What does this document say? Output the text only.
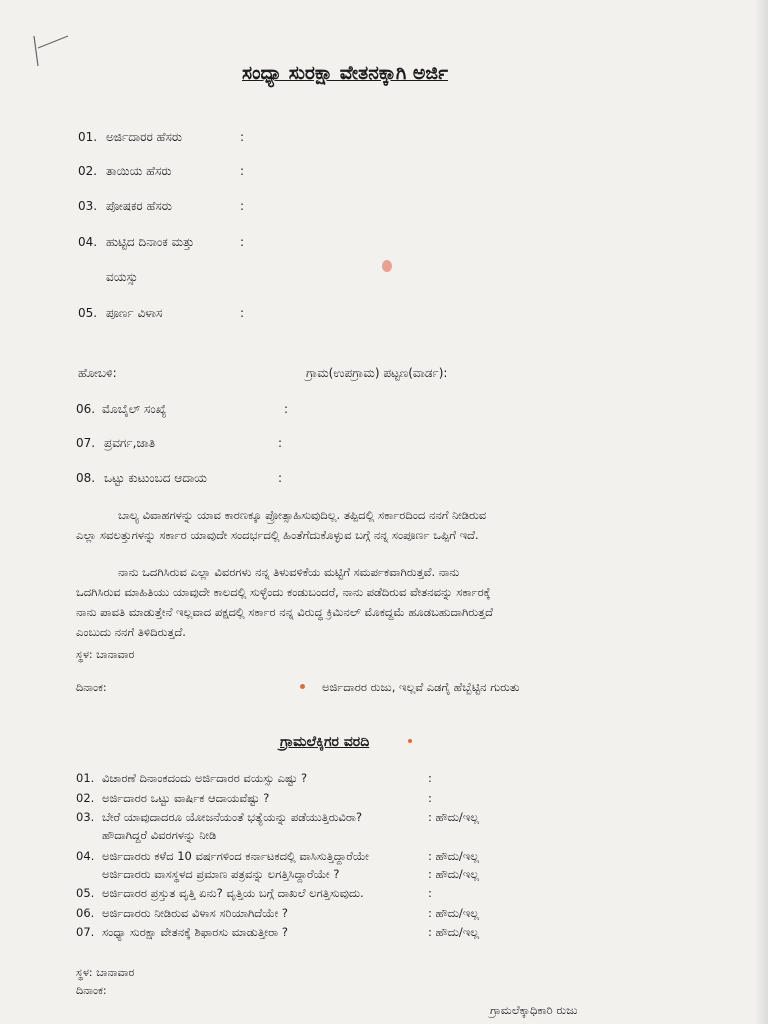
ಸಂಧ್ಯಾ ಸುರಕ್ಷಾ ವೇತನಕ್ಕಾಗಿ ಅರ್ಜಿ
01. ಅರ್ಜಿದಾರರ ಹೆಸರು	:
02. ತಾಯಿಯ ಹೆಸರು	:
03. ಪೋಷಕರ ಹೆಸರು	:
04. ಹುಟ್ಟಿದ ದಿನಾಂಕ ಮತ್ತು	:
ವಯಸ್ಸು
05. ಪೂರ್ಣ ವಿಳಾಸ	:
ಹೋಬಳಿ:	ಗ್ರಾಮ(ಉಪಗ್ರಾಮ) ಪಟ್ಟಣ(ವಾರ್ಡ):
06. ಮೊಬೈಲ್ ಸಂಖ್ಯೆ	:
07. ಪ್ರವರ್ಗ,ಜಾತಿ	:
08. ಒಟ್ಟು ಕುಟುಂಬದ ಆದಾಯ	:
ಬಾಲ್ಯ ವಿವಾಹಗಳನ್ನು ಯಾವ ಕಾರಣಕ್ಕೂ ಪ್ರೋತ್ಸಾಹಿಸುವುದಿಲ್ಲ. ತಪ್ಪಿದಲ್ಲಿ ಸರ್ಕಾರದಿಂದ ನನಗೆ ನೀಡಿರುವ
ಎಲ್ಲಾ ಸವಲತ್ತುಗಳನ್ನು ಸರ್ಕಾರ ಯಾವುದೇ ಸಂದರ್ಭದಲ್ಲಿ ಹಿಂತೆಗೆದುಕೊಳ್ಳುವ ಬಗ್ಗೆ ನನ್ನ ಸಂಪೂರ್ಣ ಒಪ್ಪಿಗೆ ಇದೆ.
ನಾನು ಒದಗಿಸಿರುವ ಎಲ್ಲಾ ವಿವರಗಳು ನನ್ನ ತಿಳುವಳಿಕೆಯ ಮಟ್ಟಿಗೆ ಸಮರ್ಪಕವಾಗಿರುತ್ತವೆ. ನಾನು
ಒದಗಿಸಿರುವ ಮಾಹಿತಿಯು ಯಾವುದೇ ಕಾಲದಲ್ಲಿ ಸುಳ್ಳೆಂದು ಕಂಡುಬಂದರೆ, ನಾನು ಪಡೆದಿರುವ ವೇತನವನ್ನು ಸರ್ಕಾರಕ್ಕೆ
ನಾನು ಪಾವತಿ ಮಾಡುತ್ತೇನೆ ಇಲ್ಲವಾದ ಪಕ್ಷದಲ್ಲಿ ಸರ್ಕಾರ ನನ್ನ ವಿರುದ್ಧ ಕ್ರಿಮಿನಲ್ ಮೊಕದ್ದಮೆ ಹೂಡಬಹುದಾಗಿರುತ್ತದೆ
ಎಂಬುದು ನನಗೆ ತಿಳಿದಿರುತ್ತದೆ.
ಸ್ಥಳ: ಬಾನಾವಾರ
ದಿನಾಂಕ:	ಅರ್ಜಿದಾರರ ರುಜು, ಇಲ್ಲವೆ ಎಡಗೈ ಹೆಬ್ಬೆಟ್ಟಿನ ಗುರುತು
ಗ್ರಾಮಲೆಕ್ಕಿಗರ ವರದಿ
01. ವಿಚಾರಣೆ ದಿನಾಂಕದಂದು ಅರ್ಜಿದಾರರ ವಯಸ್ಸು ಎಷ್ಟು ?	:
02. ಅರ್ಜಿದಾರರ ಒಟ್ಟು ವಾರ್ಷಿಕ ಆದಾಯವೆಷ್ಟು ?	:
03. ಬೇರೆ ಯಾವುದಾದರೂ ಯೋಜನೆಯಂತೆ ಭತ್ಯೆಯನ್ನು ಪಡೆಯುತ್ತಿರುವಿರಾ?	: ಹೌದು/ಇಲ್ಲ
ಹೌದಾಗಿದ್ದರೆ ವಿವರಗಳನ್ನು ನೀಡಿ
04. ಅರ್ಜಿದಾರರು ಕಳೆದ 10 ವರ್ಷಗಳಿಂದ ಕರ್ನಾಟಕದಲ್ಲಿ ವಾಸಿಸುತ್ತಿದ್ದಾರೆಯೇ	: ಹೌದು/ಇಲ್ಲ
ಅರ್ಜಿದಾರರು ವಾಸಸ್ಥಳದ ಪ್ರಮಾಣ ಪತ್ರವನ್ನು ಲಗತ್ತಿಸಿದ್ದಾರೆಯೇ ?	: ಹೌದು/ಇಲ್ಲ
05. ಅರ್ಜಿದಾರರ ಪ್ರಸ್ತುತ ವೃತ್ತಿ ಏನು? ವೃತ್ತಿಯ ಬಗ್ಗೆ ದಾಖಲೆ ಲಗತ್ತಿಸುವುದು.	:
06. ಅರ್ಜಿದಾರರು ನೀಡಿರುವ ವಿಳಾಸ ಸರಿಯಾಗಿದೆಯೇ ?	: ಹೌದು/ಇಲ್ಲ
07. ಸಂಧ್ಯಾ ಸುರಕ್ಷಾ ವೇತನಕ್ಕೆ ಶಿಫಾರಸು ಮಾಡುತ್ತೀರಾ ?	: ಹೌದು/ಇಲ್ಲ
ಸ್ಥಳ: ಬಾನಾವಾರ
ದಿನಾಂಕ:
ಗ್ರಾಮಲೆಕ್ಕಾಧಿಕಾರಿ ರುಜು
